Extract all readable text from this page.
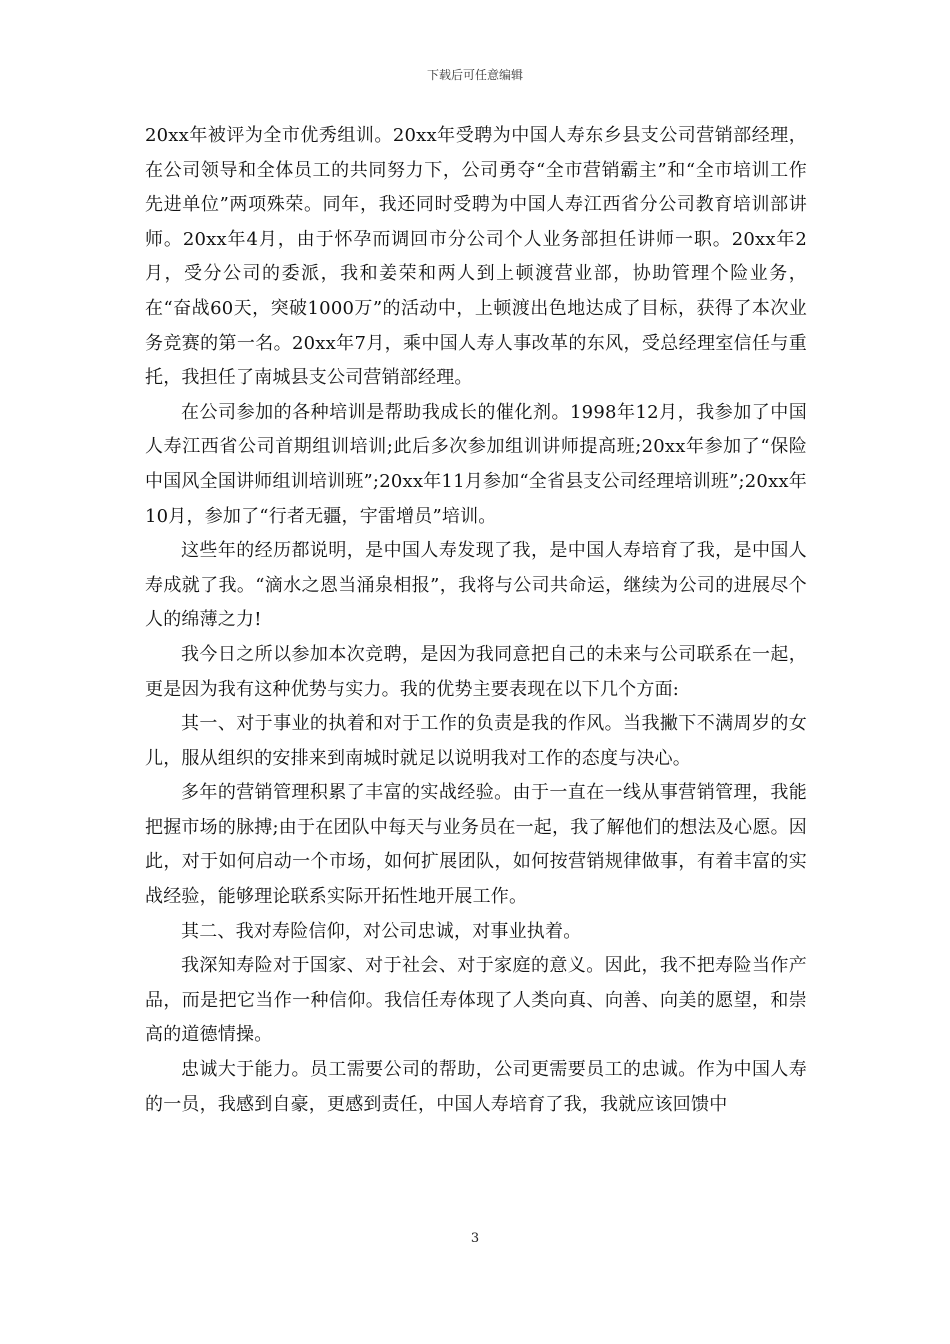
下载后可任意编辑

20xx年被评为全市优秀组训。20xx年受聘为中国人寿东乡县支公司营销部经理，在公司领导和全体员工的共同努力下，公司勇夺“全市营销霸主”和“全市培训工作先进单位”两项殊荣。同年，我还同时受聘为中国人寿江西省分公司教育培训部讲师。20xx年4月，由于怀孕而调回市分公司个人业务部担任讲师一职。20xx年2月，受分公司的委派，我和姜荣和两人到上顿渡营业部，协助管理个险业务，在“奋战60天，突破1000万”的活动中，上顿渡出色地达成了目标，获得了本次业务竞赛的第一名。20xx年7月，乘中国人寿人事改革的东风，受总经理室信任与重托，我担任了南城县支公司营销部经理。

在公司参加的各种培训是帮助我成长的催化剂。1998年12月，我参加了中国人寿江西省公司首期组训培训;此后多次参加组训讲师提高班;20xx年参加了“保险中国风全国讲师组训培训班”;20xx年11月参加“全省县支公司经理培训班”;20xx年10月，参加了“行者无疆，宇雷增员”培训。

这些年的经历都说明，是中国人寿发现了我，是中国人寿培育了我，是中国人寿成就了我。“滴水之恩当涌泉相报”，我将与公司共命运，继续为公司的进展尽个人的绵薄之力!

我今日之所以参加本次竞聘，是因为我同意把自己的未来与公司联系在一起，更是因为我有这种优势与实力。我的优势主要表现在以下几个方面:

其一、对于事业的执着和对于工作的负责是我的作风。当我撇下不满周岁的女儿，服从组织的安排来到南城时就足以说明我对工作的态度与决心。

多年的营销管理积累了丰富的实战经验。由于一直在一线从事营销管理，我能把握市场的脉搏;由于在团队中每天与业务员在一起，我了解他们的想法及心愿。因此，对于如何启动一个市场，如何扩展团队，如何按营销规律做事，有着丰富的实战经验，能够理论联系实际开拓性地开展工作。

其二、我对寿险信仰，对公司忠诚，对事业执着。

我深知寿险对于国家、对于社会、对于家庭的意义。因此，我不把寿险当作产品，而是把它当作一种信仰。我信任寿体现了人类向真、向善、向美的愿望，和崇高的道德情操。

忠诚大于能力。员工需要公司的帮助，公司更需要员工的忠诚。作为中国人寿的一员，我感到自豪，更感到责任，中国人寿培育了我，我就应该回馈中

3
